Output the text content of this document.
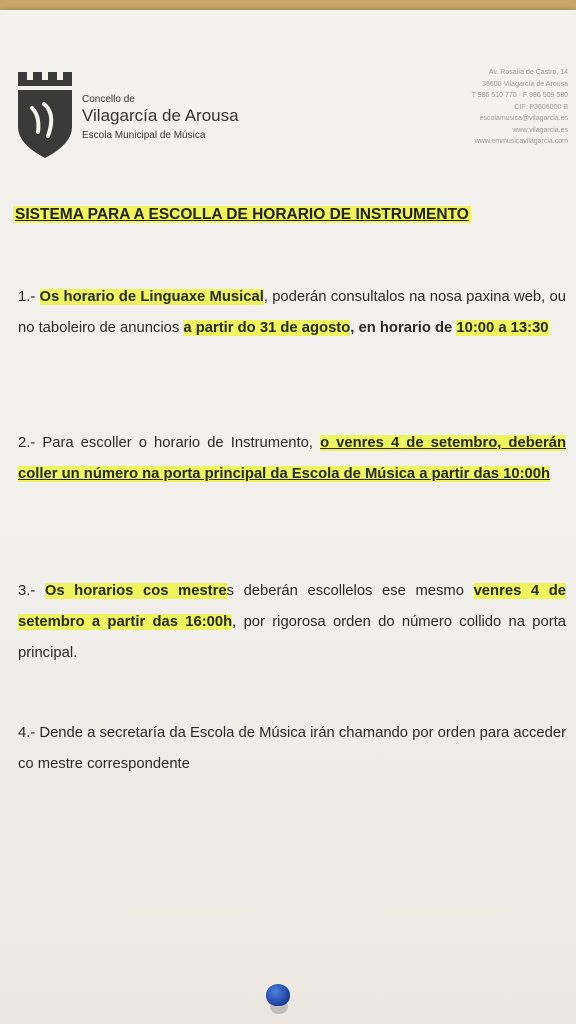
Concello de
Vilagarcía de Arousa
Escola Municipal de Música
Av. Rosalía de Castro, 14
36600 Vilagarcía de Arousa
T 986 510 770 · F 986 509 580
CIF: P3606000 B
escolamusica@vilagarcia.es
www.vilagarcia.es
www.emmusicavilagarcia.com
SISTEMA PARA A ESCOLLA DE HORARIO DE INSTRUMENTO
1.- Os horario de Linguaxe Musical, poderán consultalos na nosa paxina web, ou no taboleiro de anuncios a partir do 31 de agosto, en horario de 10:00 a 13:30
2.- Para escoller o horario de Instrumento, o venres 4 de setembro, deberán coller un número na porta principal da Escola de Música a partir das 10:00h
3.- Os horarios cos mestres deberán escollelos ese mesmo venres 4 de setembro a partir das 16:00h, por rigorosa orden do número collido na porta principal.
4.- Dende a secretaría da Escola de Música irán chamando por orden para acceder co mestre correspondente
